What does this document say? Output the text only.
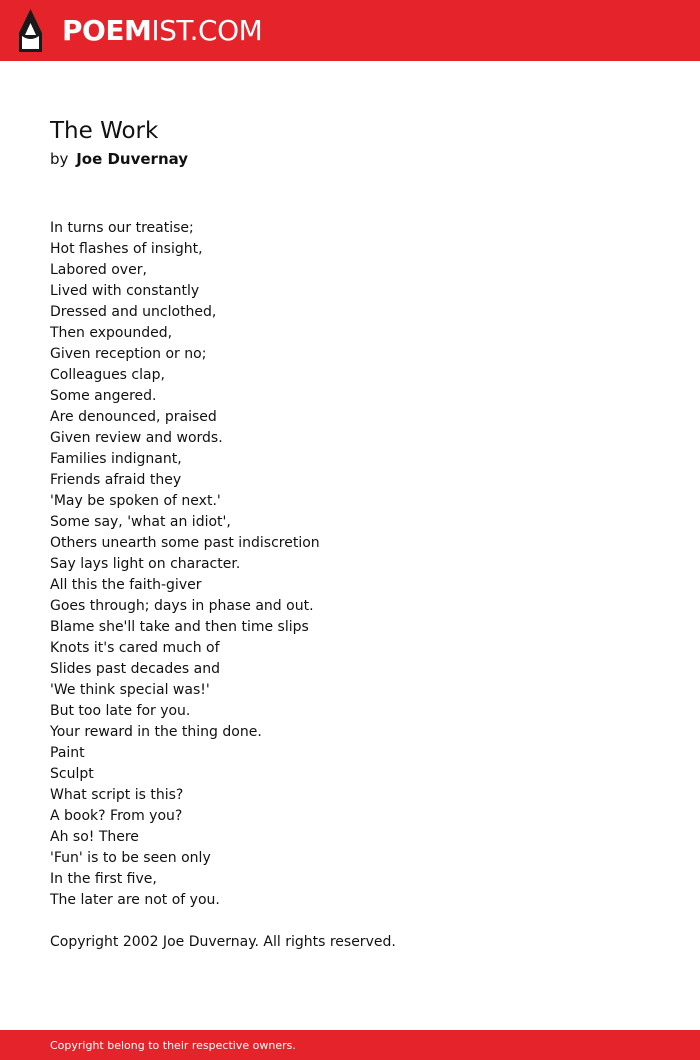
POEMIST.COM
The Work
by Joe Duvernay
In turns our treatise;
Hot flashes of insight,
Labored over,
Lived with constantly
Dressed and unclothed,
Then expounded,
Given reception or no;
Colleagues clap,
Some angered.
Are denounced, praised
Given review and words.
Families indignant,
Friends afraid they
'May be spoken of next.'
Some say, 'what an idiot',
Others unearth some past indiscretion
Say lays light on character.
All this the faith-giver
Goes through; days in phase and out.
Blame she'll take and then time slips
Knots it's cared much of
Slides past decades and
'We think special was!'
But too late for you.
Your reward in the thing done.
Paint
Sculpt
What script is this?
A book? From you?
Ah so! There
'Fun' is to be seen only
In the first five,
The later are not of you.
Copyright 2002 Joe Duvernay. All rights reserved.
Copyright belong to their respective owners.
